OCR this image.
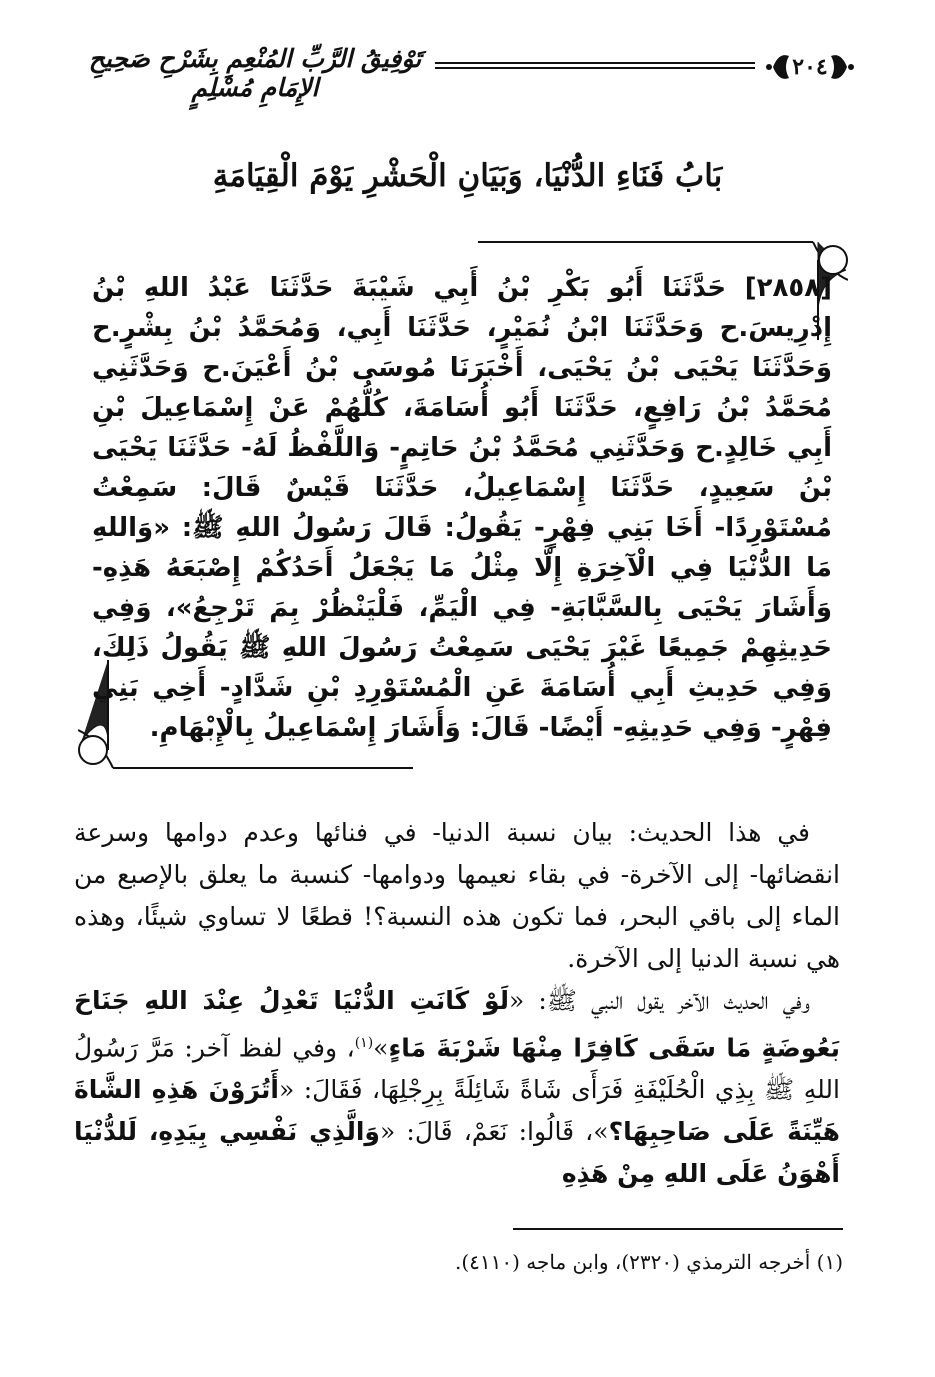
٢٠٤
تَوْفِيقُ الرَّبِّ المُنْعِمِ بِشَرْحِ صَحِيحِ الإِمَامِ مُسْلِمٍ
بَابُ فَنَاءِ الدُّنْيَا، وَبَيَانِ الْحَشْرِ يَوْمَ الْقِيَامَةِ
[٢٨٥٨] حَدَّثَنَا أَبُو بَكْرِ بْنُ أَبِي شَيْبَةَ حَدَّثَنَا عَبْدُ اللهِ بْنُ إِدْرِيسَ.ح وَحَدَّثَنَا ابْنُ نُمَيْرٍ، حَدَّثَنَا أَبِي، وَمُحَمَّدُ بْنُ بِشْرٍ.ح وَحَدَّثَنَا يَحْيَى بْنُ يَحْيَى، أَخْبَرَنَا مُوسَى بْنُ أَعْيَنَ.ح وَحَدَّثَنِي مُحَمَّدُ بْنُ رَافِعٍ، حَدَّثَنَا أَبُو أُسَامَةَ، كُلُّهُمْ عَنْ إِسْمَاعِيلَ بْنِ أَبِي خَالِدٍ.ح وَحَدَّثَنِي مُحَمَّدُ بْنُ حَاتِمٍ- وَاللَّفْظُ لَهُ- حَدَّثَنَا يَحْيَى بْنُ سَعِيدٍ، حَدَّثَنَا إِسْمَاعِيلُ، حَدَّثَنَا قَيْسٌ قَالَ: سَمِعْتُ مُسْتَوْرِدًا- أَخَا بَنِي فِهْرٍ- يَقُولُ: قَالَ رَسُولُ اللهِ ﷺ: «وَاللهِ مَا الدُّنْيَا فِي الْآخِرَةِ إِلَّا مِثْلُ مَا يَجْعَلُ أَحَدُكُمْ إِصْبَعَهُ هَذِهِ- وَأَشَارَ يَحْيَى بِالسَّبَّابَةِ- فِي الْيَمِّ، فَلْيَنْظُرْ بِمَ تَرْجِعُ»، وَفِي حَدِيثِهِمْ جَمِيعًا غَيْرَ يَحْيَى سَمِعْتُ رَسُولَ اللهِ ﷺ يَقُولُ ذَلِكَ، وَفِي حَدِيثِ أَبِي أُسَامَةَ عَنِ الْمُسْتَوْرِدِ بْنِ شَدَّادٍ- أَخِي بَنِي فِهْرٍ- وَفِي حَدِيثِهِ- أَيْضًا- قَالَ: وَأَشَارَ إِسْمَاعِيلُ بِالْإِبْهَامِ.

في هذا الحديث: بيان نسبة الدنيا- في فنائها وعدم دوامها وسرعة انقضائها- إلى الآخرة- في بقاء نعيمها ودوامها- كنسبة ما يعلق بالإصبع من الماء إلى باقي البحر، فما تكون هذه النسبة؟! قطعًا لا تساوي شيئًا، وهذه هي نسبة الدنيا إلى الآخرة.

وفي الحديث الآخر يقول النبي ﷺ: «لَوْ كَانَتِ الدُّنْيَا تَعْدِلُ عِنْدَ اللهِ جَنَاحَ بَعُوضَةٍ مَا سَقَى كَافِرًا مِنْهَا شَرْبَةَ مَاءٍ»$^{(١)}$، وفي لفظ آخر: مَرَّ رَسُولُ اللهِ ﷺ بِذِي الْحُلَيْفَةِ فَرَأَى شَاةً شَائِلَةً بِرِجْلِهَا، فَقَالَ: «أَتُرَوْنَ هَذِهِ الشَّاةَ هَيِّنَةً عَلَى صَاحِبِهَا؟»، قَالُوا: نَعَمْ، قَالَ: «وَالَّذِي نَفْسِي بِيَدِهِ، لَلدُّنْيَا أَهْوَنُ عَلَى اللهِ مِنْ هَذِهِ

(١) أخرجه الترمذي (٢٣٢٠)، وابن ماجه (٤١١٠).
